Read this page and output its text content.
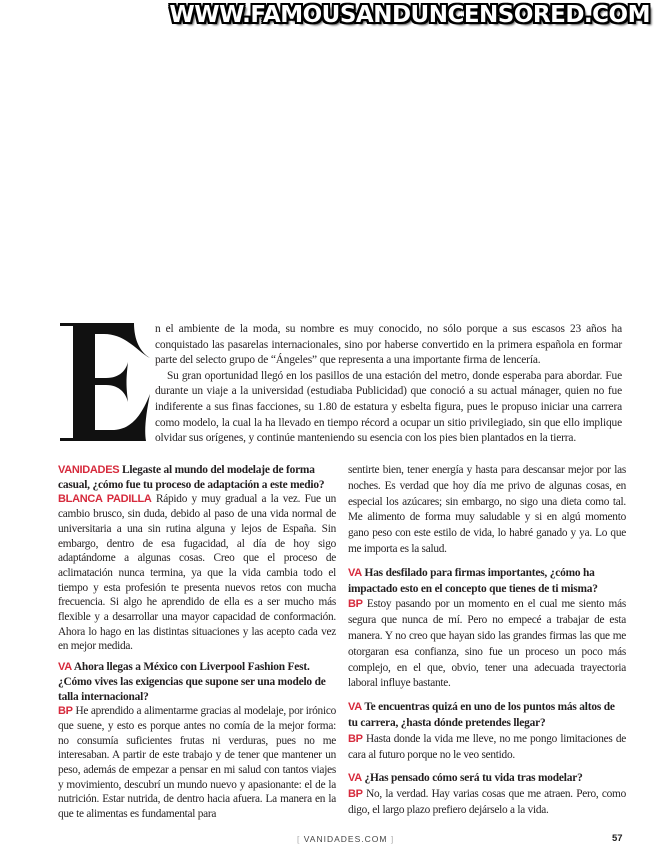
WWW.FAMOUSANDUNCENSORED.COM

n el ambiente de la moda, su nombre es muy conocido, no sólo porque a sus escasos 23 años ha conquistado las pasarelas internacionales, sino por haberse convertido en la primera española en formar parte del selecto grupo de “Ángeles” que representa a una importante firma de lencería.

Su gran oportunidad llegó en los pasillos de una estación del metro, donde esperaba para abordar. Fue durante un viaje a la universidad (estudiaba Publicidad) que conoció a su actual mánager, quien no fue indiferente a sus finas facciones, su 1.80 de estatura y esbelta figura, pues le propuso iniciar una carrera como modelo, la cual la ha llevado en tiempo récord a ocupar un sitio privilegiado, sin que ello implique olvidar sus orígenes, y continúe manteniendo su esencia con los pies bien plantados en la tierra.

VANIDADES Llegaste al mundo del modelaje de forma casual, ¿cómo fue tu proceso de adaptación a este medio?
BLANCA PADILLA Rápido y muy gradual a la vez. Fue un cambio brusco, sin duda, debido al paso de una vida normal de universitaria a una sin rutina alguna y lejos de España. Sin embargo, dentro de esa fugacidad, al día de hoy sigo adaptándome a algunas cosas. Creo que el proceso de aclimatación nunca termina, ya que la vida cambia todo el tiempo y esta profesión te presenta nuevos retos con mucha frecuencia. Si algo he aprendido de ella es a ser mucho más flexible y a desarrollar una mayor capacidad de conformación. Ahora lo hago en las distintas situaciones y las acepto cada vez en mejor medida.
VA Ahora llegas a México con Liverpool Fashion Fest. ¿Cómo vives las exigencias que supone ser una modelo de talla internacional?
BP He aprendido a alimentarme gracias al modelaje, por irónico que suene, y esto es porque antes no comía de la mejor forma: no consumía suficientes frutas ni verduras, pues no me interesaban. A partir de este trabajo y de tener que mantener un peso, además de empezar a pensar en mi salud con tantos viajes y movimiento, descubrí un mundo nuevo y apasionante: el de la nutrición. Estar nutrida, de dentro hacia afuera. La manera en la que te alimentas es fundamental para
sentirte bien, tener energía y hasta para descansar mejor por las noches. Es verdad que hoy día me privo de algunas cosas, en especial los azúcares; sin embargo, no sigo una dieta como tal. Me alimento de forma muy saludable y si en algú momento gano peso con este estilo de vida, lo habré ganado y ya. Lo que me importa es la salud.
VA Has desfilado para firmas importantes, ¿cómo ha impactado esto en el concepto que tienes de ti misma?
BP Estoy pasando por un momento en el cual me siento más segura que nunca de mí. Pero no empecé a trabajar de esta manera. Y no creo que hayan sido las grandes firmas las que me otorgaran esa confianza, sino fue un proceso un poco más complejo, en el que, obvio, tener una adecuada trayectoria laboral influye bastante.
VA Te encuentras quizá en uno de los puntos más altos de tu carrera, ¿hasta dónde pretendes llegar?
BP Hasta donde la vida me lleve, no me pongo limitaciones de cara al futuro porque no le veo sentido.
VA ¿Has pensado cómo será tu vida tras modelar?
BP No, la verdad. Hay varias cosas que me atraen. Pero, como digo, el largo plazo prefiero dejárselo a la vida.
[ VANIDADES.COM ]	57
